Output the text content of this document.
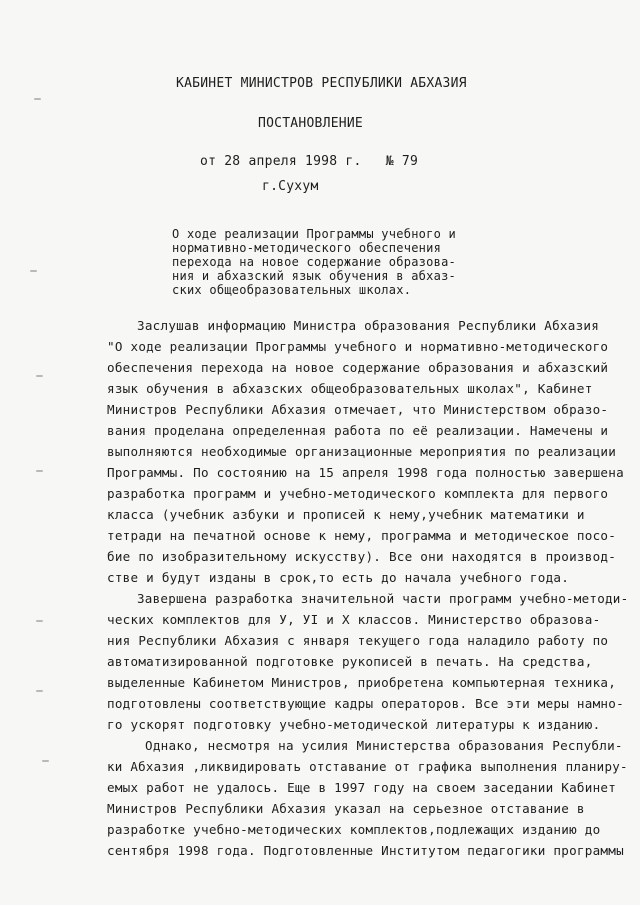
КАБИНЕТ МИНИСТРОВ РЕСПУБЛИКИ АБХАЗИЯ
ПОСТАНОВЛЕНИЕ
от 28 апреля 1998 г.   № 79
г.Сухум
О ходе реализации Программы учебного и
нормативно-методического обеспечения
перехода на новое содержание образова-
ния и абхазский язык обучения в абхаз-
ских общеобразовательных школах.
Заслушав информацию Министра образования Республики Абхазия
"О ходе реализации Программы учебного и нормативно-методического
обеспечения перехода на новое содержание образования и абхазский
язык обучения в абхазских общеобразовательных школах", Кабинет
Министров Республики Абхазия отмечает, что Министерством образо-
вания проделана определенная работа по её реализации. Намечены и
выполняются необходимые организационные мероприятия по реализации
Программы. По состоянию на 15 апреля 1998 года полностью завершена
разработка программ и учебно-методического комплекта для первого
класса (учебник азбуки и прописей к нему,учебник математики и
тетради на печатной основе к нему, программа и методическое посо-
бие по изобразительному искусству). Все они находятся в производ-
стве и будут изданы в срок,то есть до начала учебного года.
Завершена разработка значительной части программ учебно-методи-
ческих комплектов для У, УI и Х классов. Министерство образова-
ния Республики Абхазия с января текущего года наладило работу по
автоматизированной подготовке рукописей в печать. На средства,
выделенные Кабинетом Министров, приобретена компьютерная техника,
подготовлены соответствующие кадры операторов. Все эти меры намно-
го ускорят подготовку учебно-методической литературы к изданию.
Однако, несмотря на усилия Министерства образования Республи-
ки Абхазия ,ликвидировать отставание от графика выполнения планиру-
емых работ не удалось. Еще в 1997 году на своем заседании Кабинет
Министров Республики Абхазия указал на серьезное отставание в
разработке учебно-методических комплектов,подлежащих изданию до
сентября 1998 года. Подготовленные Институтом педагогики программы
